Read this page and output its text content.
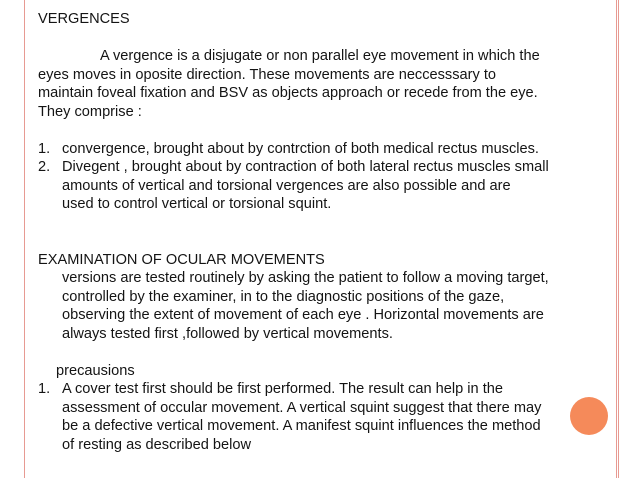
VERGENCES
A vergence is a disjugate or non parallel eye movement in which the
eyes moves in oposite direction. These movements are neccesssary to
maintain foveal fixation and BSV as objects approach or recede from the eye.
They comprise :
1. convergence, brought about by contrction of both medical rectus muscles.
2. Divegent , brought about by contraction of both lateral rectus muscles small
amounts of vertical and torsional vergences are also possible and are
used to control vertical or torsional squint.
EXAMINATION OF OCULAR MOVEMENTS
versions are tested routinely by asking the patient to follow a moving target,
controlled by the examiner, in to the diagnostic positions of the gaze,
observing the extent of movement of each eye . Horizontal movements are
always tested first ,followed by vertical movements.
precausions
1. A cover test first should be first performed. The result can help in the
assessment of occular movement. A vertical squint suggest that there may
be a defective vertical movement. A manifest squint influences the method
of resting as described below
